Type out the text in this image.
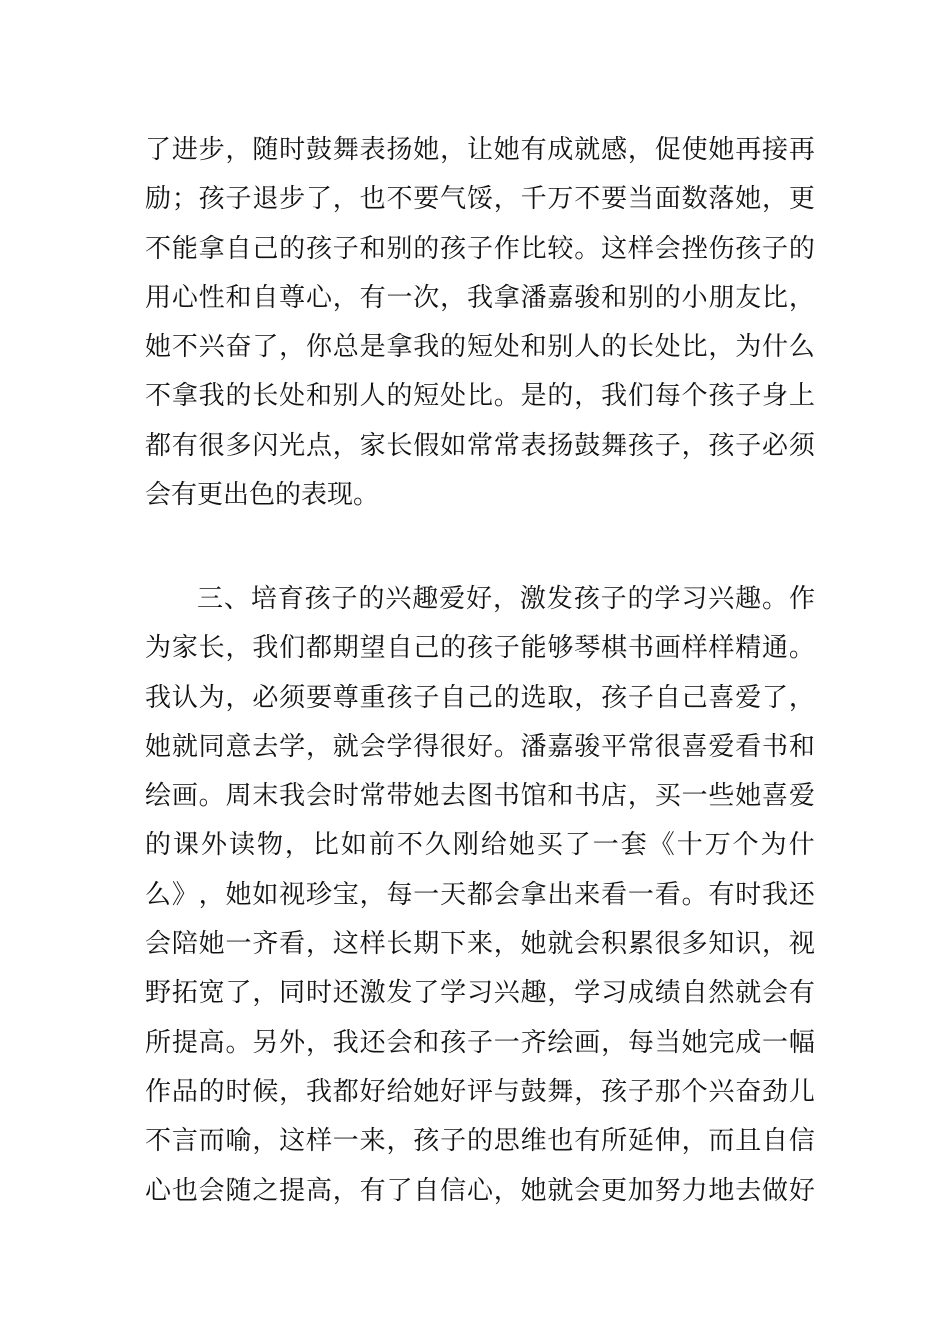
了 进 步 ， 随 时 鼓 舞 表 扬 她 ， 让 她 有 成 就 感 ， 促 使 她 再 接 再
励 ； 孩 子 退 步 了 ， 也 不 要 气 馁 ， 千 万 不 要 当 面 数 落 她 ， 更
不 能 拿 自 己 的 孩 子 和 别 的 孩 子 作 比 较 。 这 样 会 挫 伤 孩 子 的
用 心 性 和 自 尊 心 ， 有 一 次 ， 我 拿 潘 嘉 骏 和 别 的 小 朋 友 比 ，
她 不 兴 奋 了 ， 你 总 是 拿 我 的 短 处 和 别 人 的 长 处 比 ， 为 什 么
不 拿 我 的 长 处 和 别 人 的 短 处 比 。 是 的 ， 我 们 每 个 孩 子 身 上
都 有 很 多 闪 光 点 ， 家 长 假 如 常 常 表 扬 鼓 舞 孩 子 ， 孩 子 必 须
会有更出色的表现。
三 、 培 育 孩 子 的 兴 趣 爱 好 ， 激 发 孩 子 的 学 习 兴 趣 。 作
为 家 长 ， 我 们 都 期 望 自 己 的 孩 子 能 够 琴 棋 书 画 样 样 精 通 。
我 认 为 ， 必 须 要 尊 重 孩 子 自 己 的 选 取 ， 孩 子 自 己 喜 爱 了 ，
她 就 同 意 去 学 ， 就 会 学 得 很 好 。 潘 嘉 骏 平 常 很 喜 爱 看 书 和
绘 画 。 周 末 我 会 时 常 带 她 去 图 书 馆 和 书 店 ， 买 一 些 她 喜 爱
的 课 外 读 物 ， 比 如 前 不 久 刚 给 她 买 了 一 套 《 十 万 个 为 什
么 》 ， 她 如 视 珍 宝 ， 每 一 天 都 会 拿 出 来 看 一 看 。 有 时 我 还
会 陪 她 一 齐 看 ， 这 样 长 期 下 来 ， 她 就 会 积 累 很 多 知 识 ， 视
野 拓 宽 了 ， 同 时 还 激 发 了 学 习 兴 趣 ， 学 习 成 绩 自 然 就 会 有
所 提 高 。 另 外 ， 我 还 会 和 孩 子 一 齐 绘 画 ， 每 当 她 完 成 一 幅
作 品 的 时 候 ， 我 都 好 给 她 好 评 与 鼓 舞 ， 孩 子 那 个 兴 奋 劲 儿
不 言 而 喻 ， 这 样 一 来 ， 孩 子 的 思 维 也 有 所 延 伸 ， 而 且 自 信
心 也 会 随 之 提 高 ， 有 了 自 信 心 ， 她 就 会 更 加 努 力 地 去 做 好
